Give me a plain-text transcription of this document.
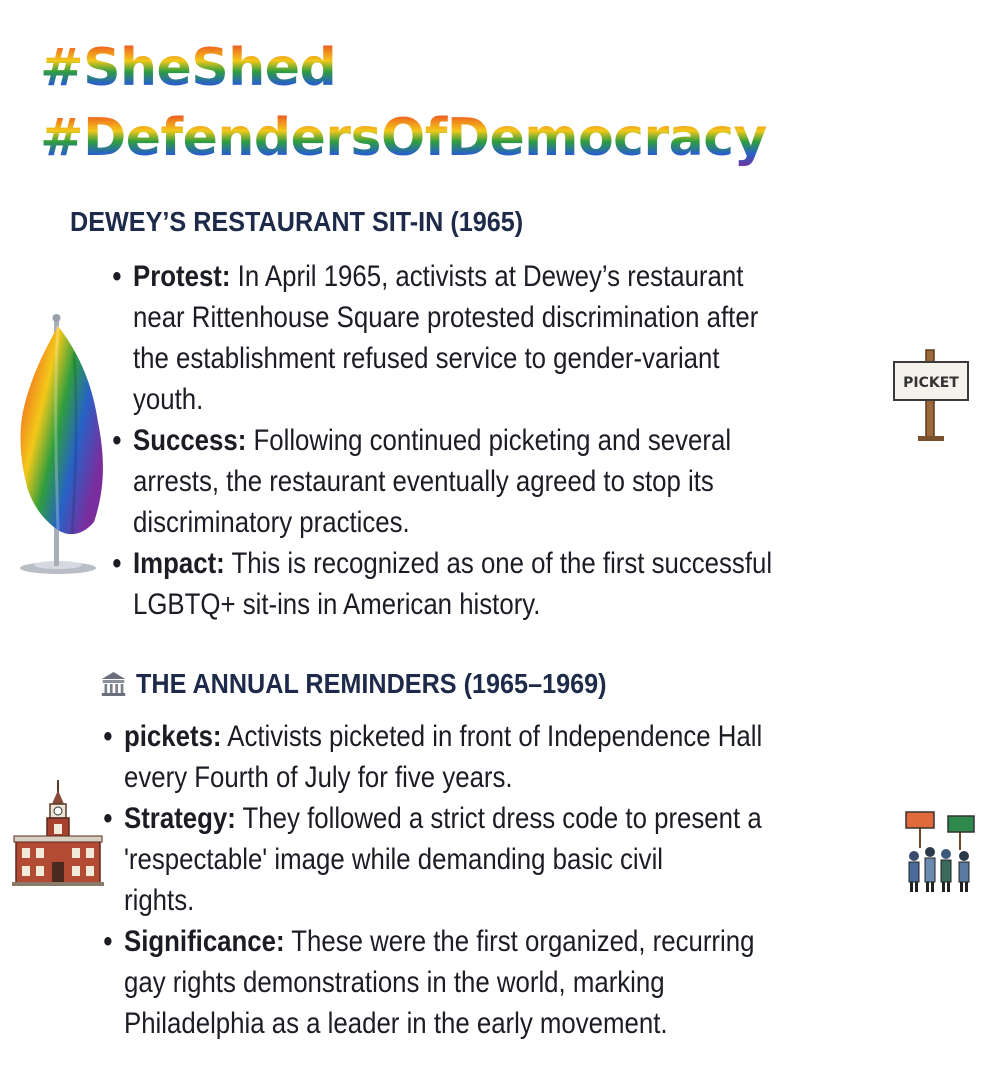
#SheShed
#DefendersOfDemocracy
DEWEY’S RESTAURANT SIT-IN (1965)
• Protest: In April 1965, activists at Dewey’s restaurant
near Rittenhouse Square protested discrimination after
the establishment refused service to gender-variant
youth.
• Success: Following continued picketing and several
arrests, the restaurant eventually agreed to stop its
discriminatory practices.
• Impact: This is recognized as one of the first successful
LGBTQ+ sit-ins in American history.
THE ANNUAL REMINDERS (1965–1969)
• pickets: Activists picketed in front of Independence Hall
every Fourth of July for five years.
• Strategy: They followed a strict dress code to present a
'respectable' image while demanding basic civil
rights.
• Significance: These were the first organized, recurring
gay rights demonstrations in the world, marking
Philadelphia as a leader in the early movement.
PICKET
